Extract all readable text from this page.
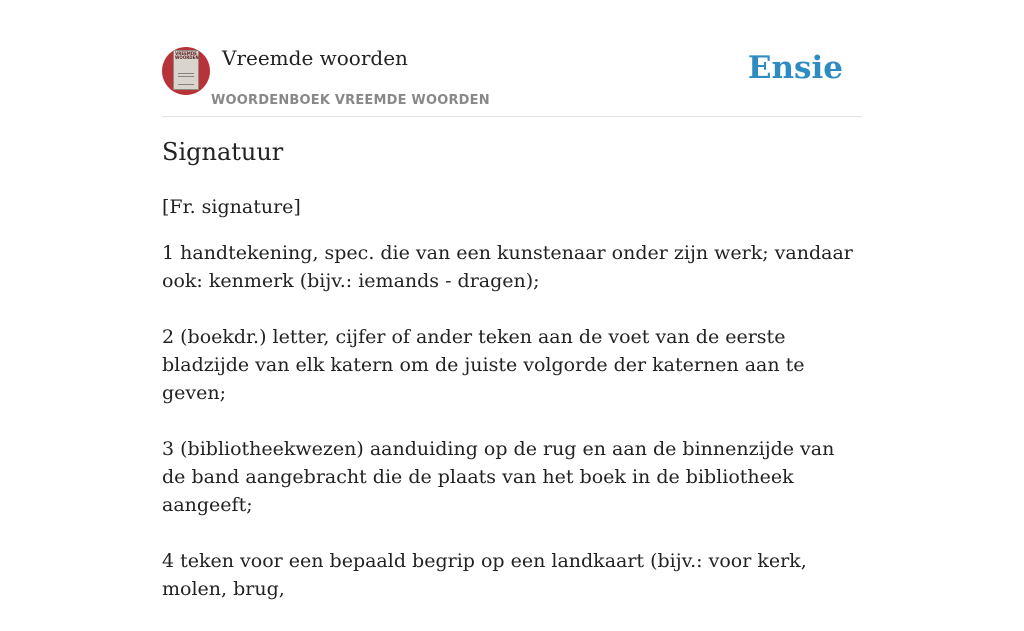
VREEMDE WOORDEN Vreemde woorden
WOORDENBOEK VREEMDE WOORDEN
Ensie
Signatuur

[Fr. signature]

1 handtekening, spec. die van een kunstenaar onder zijn werk; vandaar ook: kenmerk (bijv.: iemands - dragen);
2 (boekdr.) letter, cijfer of ander teken aan de voet van de eerste bladzijde van elk katern om de juiste volgorde der katernen aan te geven;
3 (bibliotheekwezen) aanduiding op de rug en aan de binnenzijde van de band aangebracht die de plaats van het boek in de bibliotheek aangeeft;
4 teken voor een bepaald begrip op een landkaart (bijv.: voor kerk, molen, brug,
